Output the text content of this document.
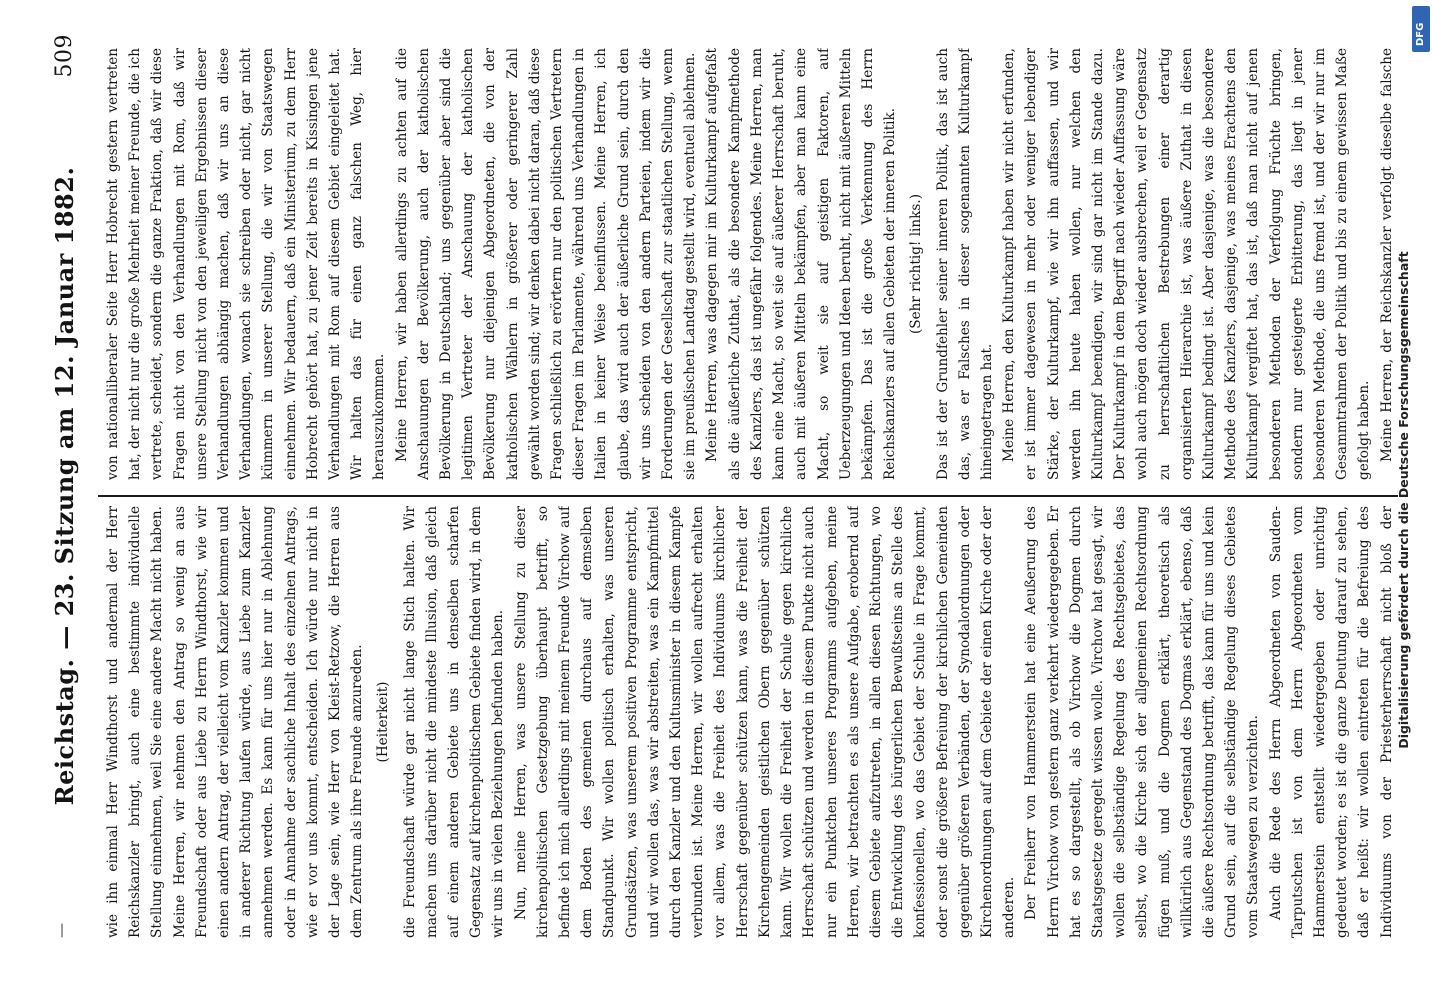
—
Reichstag. — 23. Sitzung am 12. Januar 1882.
509

wie ihn einmal Herr Windthorst und andermal der Herr Reichskanzler bringt, auch eine bestimmte individuelle Stellung einnehmen, weil Sie eine andere Macht nicht haben. Meine Herren, wir nehmen den Antrag so wenig an aus Freundschaft oder aus Liebe zu Herrn Windthorst, wie wir einen andern Antrag, der vielleicht vom Kanzler kommen und in anderer Richtung laufen würde, aus Liebe zum Kanzler annehmen werden. Es kann für uns hier nur in Ablehnung oder in Annahme der sachliche Inhalt des einzelnen Antrags, wie er vor uns kommt, entscheiden. Ich würde nur nicht in der Lage sein, wie Herr von Kleist-Retzow, die Herren aus dem Zentrum als ihre Freunde anzureden. (Heiterkeit) die Freundschaft würde gar nicht lange Stich halten. Wir machen uns darüber nicht die mindeste Illusion, daß gleich auf einem anderen Gebiete uns in denselben scharfen Gegensatz auf kirchenpolitischem Gebiete finden wird, in dem wir uns in vielen Beziehungen befunden haben. Nun, meine Herren, was unsere Stellung zu dieser kirchenpolitischen Gesetzgebung überhaupt betrifft, so befinde ich mich allerdings mit meinem Freunde Virchow auf dem Boden des gemeinen durchaus auf demselben Standpunkt. Wir wollen politisch erhalten, was unseren Grundsätzen, was unserem positiven Programme entspricht, und wir wollen das, was wir abstreiten, was ein Kampfmittel durch den Kanzler und den Kultusminister in diesem Kampfe verbunden ist. Meine Herren, wir wollen aufrecht erhalten vor allem, was die Freiheit des Individuums kirchlicher Herrschaft gegenüber schützen kann, was die Freiheit der Kirchengemeinden geistlichen Obern gegenüber schützen kann. Wir wollen die Freiheit der Schule gegen kirchliche Herrschaft schützen und werden in diesem Punkte nicht auch nur ein Punktchen unseres Programms aufgeben, meine Herren, wir betrachten es als unsere Aufgabe, erobernd auf diesem Gebiete aufzutreten, in allen diesen Richtungen, wo die Entwicklung des bürgerlichen Bewußtseins an Stelle des konfessionellen, wo das Gebiet der Schule in Frage kommt, oder sonst die größere Befreiung der kirchlichen Gemeinden gegenüber größeren Verbänden, der Synodalordnungen oder Kirchenordnungen auf dem Gebiete der einen Kirche oder der anderen. Der Freiherr von Hammerstein hat eine Aeußerung des Herrn Virchow von gestern ganz verkehrt wiedergegeben. Er hat es so dargestellt, als ob Virchow die Dogmen durch Staatsgesetze geregelt wissen wolle. Virchow hat gesagt, wir wollen die selbständige Regelung des Rechtsgebietes, das selbst, wo die Kirche sich der allgemeinen Rechtsordnung fügen muß, und die Dogmen erklärt, theoretisch als willkürlich aus Gegenstand des Dogmas erklärt, ebenso, daß die äußere Rechtsordnung betrifft, das kann für uns und kein Grund sein, auf die selbständige Regelung dieses Gebietes vom Staatswegen zu verzichten. Auch die Rede des Herrn Abgeordneten von Sauden-Tarputschen ist von dem Herrn Abgeordneten vom Hammerstein entstellt wiedergegeben oder unrichtig gedeutet worden; es ist die ganze Deutung darauf zu sehen, daß er heißt: wir wollen eintreten für die Befreiung des Individuums von der Priesterherrschaft nicht bloß der

von nationalliberaler Seite Herr Hobrecht gestern vertreten hat, der nicht nur die große Mehrheit meiner Freunde, die ich vertrete, scheidet, sondern die ganze Fraktion, daß wir diese Fragen nicht von den Verhandlungen mit Rom, daß wir unsere Stellung nicht von den jeweiligen Ergebnissen dieser Verhandlungen abhängig machen, daß wir uns an diese Verhandlungen, wonach sie schreiben oder nicht, gar nicht kümmern in unserer Stellung, die wir von Staatswegen einnehmen. Wir bedauern, daß ein Ministerium, zu dem Herr Hobrecht gehört hat, zu jener Zeit bereits in Kissingen jene Verhandlungen mit Rom auf diesem Gebiet eingeleitet hat. Wir halten das für einen ganz falschen Weg, hier herauszukommen. Meine Herren, wir haben allerdings zu achten auf die Anschauungen der Bevölkerung, auch der katholischen Bevölkerung in Deutschland; uns gegenüber aber sind die legitimen Vertreter der Anschauung der katholischen Bevölkerung nur diejenigen Abgeordneten, die von der katholischen Wählern in größerer oder geringerer Zahl gewählt worden sind; wir denken dabei nicht daran, daß diese Fragen schließlich zu erörtern nur den politischen Vertretern dieser Fragen im Parlamente, während uns Verhandlungen in Italien in keiner Weise beeinflussen. Meine Herren, ich glaube, das wird auch der äußerliche Grund sein, durch den wir uns scheiden von den andern Parteien, indem wir die Forderungen der Gesellschaft zur staatlichen Stellung, wenn sie im preußischen Landtag gestellt wird, eventuell ablehnen. Meine Herren, was dagegen mir im Kulturkampf aufgefaßt als die äußerliche Zuthat, als die besondere Kampfmethode des Kanzlers, das ist ungefähr folgendes. Meine Herren, man kann eine Macht, so weit sie auf äußerer Herrschaft beruht, auch mit äußeren Mitteln bekämpfen, aber man kann eine Macht, so weit sie auf geistigen Faktoren, auf Ueberzeugungen und Ideen beruht, nicht mit äußeren Mitteln bekämpfen. Das ist die große Verkennung des Herrn Reichskanzlers auf allen Gebieten der inneren Politik. (Sehr richtig! links.) Das ist der Grundfehler seiner inneren Politik, das ist auch das, was er Falsches in dieser sogenannten Kulturkampf hineingetragen hat. Meine Herren, den Kulturkampf haben wir nicht erfunden, er ist immer dagewesen in mehr oder weniger lebendiger Stärke, der Kulturkampf, wie wir ihn auffassen, und wir werden ihn heute haben wollen, nur welchen den Kulturkampf beendigen, wir sind gar nicht im Stande dazu. Der Kulturkampf in dem Begriff nach wieder Auffassung wäre wohl auch mögen doch wieder ausbrechen, weil er Gegensatz zu herrschaftlichen Bestrebungen einer derartig organisierten Hierarchie ist, was äußere Zuthat in diesen Kulturkampf bedingt ist. Aber dasjenige, was die besondere Methode des Kanzlers, dasjenige, was meines Erachtens den Kulturkampf vergiftet hat, das ist, daß man nicht auf jenen besonderen Methoden der Verfolgung Früchte bringen, sondern nur gesteigerte Erbitterung, das liegt in jener besonderen Methode, die uns fremd ist, und der wir nur im Gesammtrahmen der Politik und bis zu einem gewissen Maße gefolgt haben. Meine Herren, der Reichskanzler verfolgt dieselbe falsche

Digitalisierung gefördert durch die Deutsche Forschungsgemeinschaft
DFG
